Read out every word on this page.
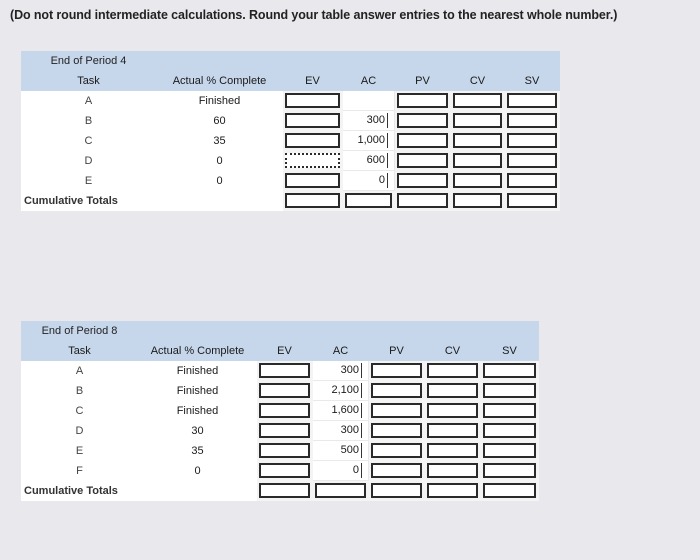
(Do not round intermediate calculations. Round your table answer entries to the nearest whole number.)
End of Period 4						
Task	Actual % Complete	EV	AC	PV	CV	SV
A	Finished	

B	60		300	

C	35		1,000	

D	0		600	

E	0		0	

Cumulative Totals		

End of Period 8						
Task	Actual % Complete	EV	AC	PV	CV	SV
A	Finished		300	

B	Finished		2,100	

C	Finished		1,600	

D	30		300	

E	35		500	

F	0		0	

Cumulative Totals		
